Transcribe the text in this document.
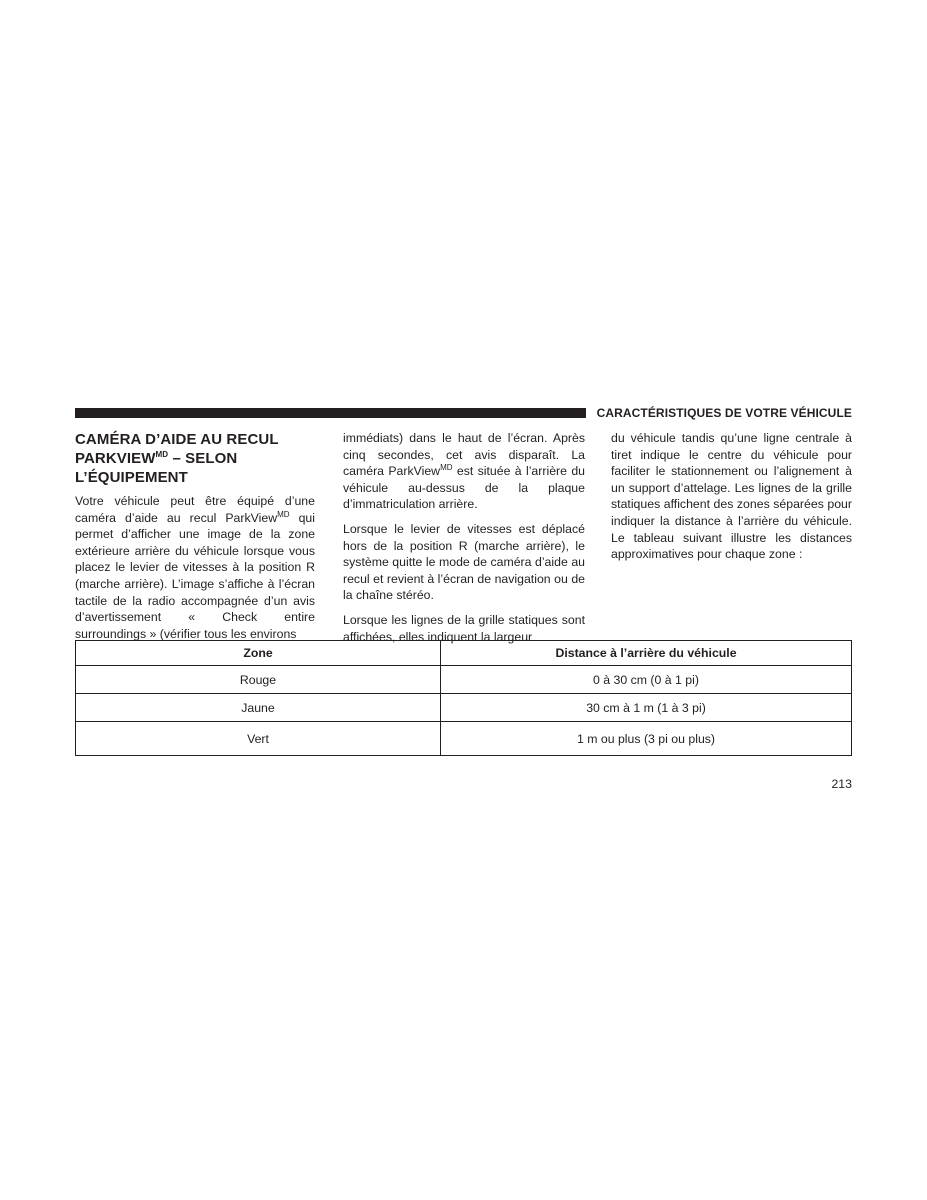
CARACTÉRISTIQUES DE VOTRE VÉHICULE
CAMÉRA D’AIDE AU RECUL
$PARKVIEW^{MD}$ – SELON
L’ÉQUIPEMENT

Votre véhicule peut être équipé d’une caméra d’aide au recul ParkView$^{MD}$ qui permet d’afficher une image de la zone extérieure arrière du véhicule lorsque vous placez le levier de vitesses à la position R (marche arrière). L’image s’affiche à l’écran tactile de la radio accompagnée d’un avis d’avertissement « Check entire surroundings » (vérifier tous les environs

immédiats) dans le haut de l’écran. Après cinq secondes, cet avis disparaît. La caméra ParkView$^{MD}$ est située à l’arrière du véhicule au-dessus de la plaque d’immatriculation arrière.

Lorsque le levier de vitesses est déplacé hors de la position R (marche arrière), le système quitte le mode de caméra d’aide au recul et revient à l’écran de navigation ou de la chaîne stéréo.

Lorsque les lignes de la grille statiques sont affichées, elles indiquent la largeur

du véhicule tandis qu’une ligne centrale à tiret indique le centre du véhicule pour faciliter le stationnement ou l’alignement à un support d’attelage. Les lignes de la grille statiques affichent des zones séparées pour indiquer la distance à l’arrière du véhicule. Le tableau suivant illustre les distances approximatives pour chaque zone :

Zone	Distance à l’arrière du véhicule
Rouge	0 à 30 cm (0 à 1 pi)
Jaune	30 cm à 1 m (1 à 3 pi)
Vert	1 m ou plus (3 pi ou plus)
213
